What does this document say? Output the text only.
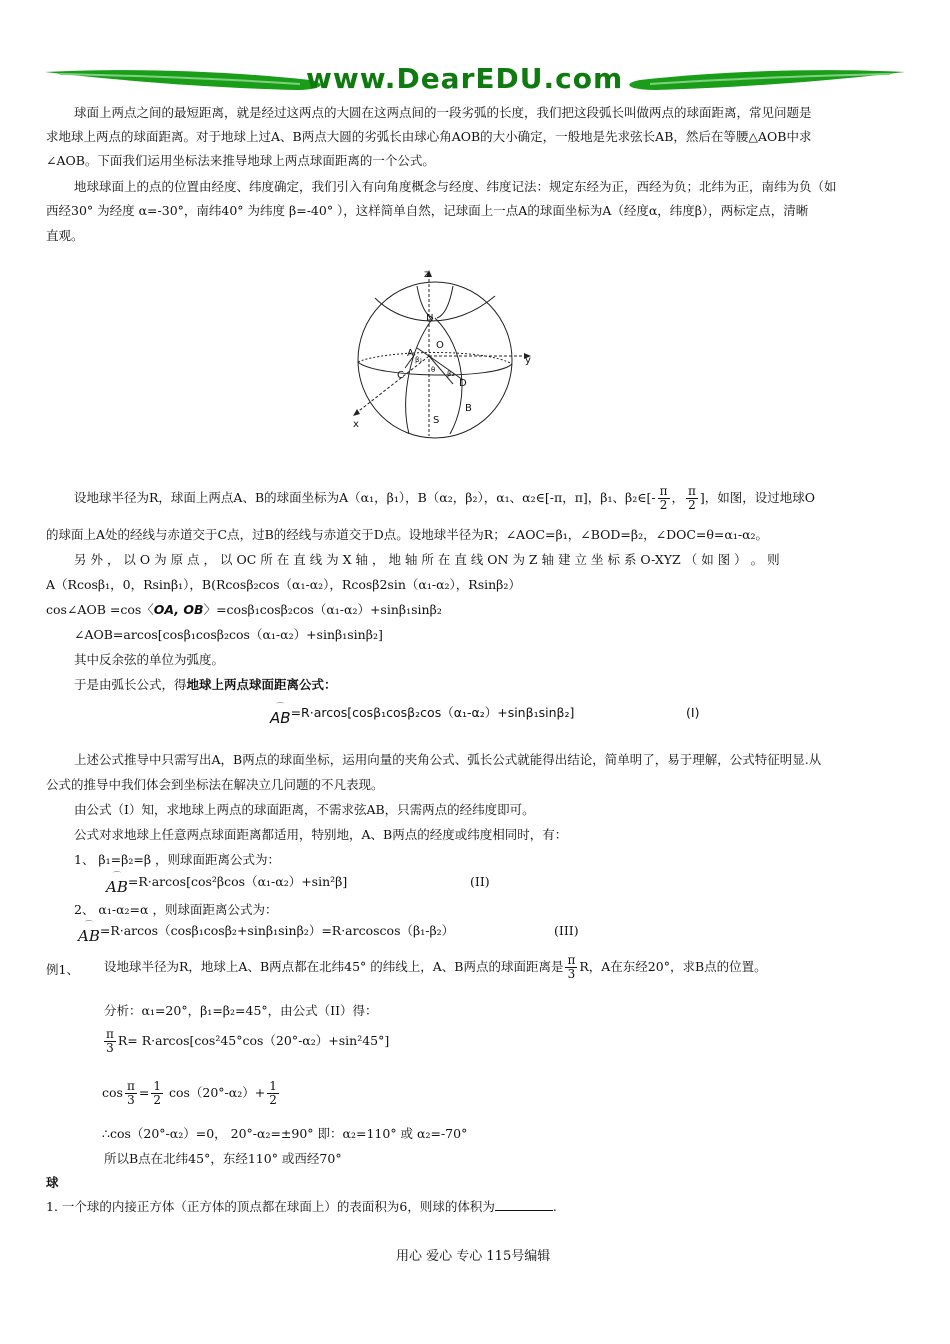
www.DearEDU.com
球面上两点之间的最短距离，就是经过这两点的大圆在这两点间的一段劣弧的长度，我们把这段弧长叫做两点的球面距离，常见问题是
求地球上两点的球面距离。对于地球上过A、B两点大圆的劣弧长由球心角AOB的大小确定，一般地是先求弦长AB，然后在等腰△AOB中求
∠AOB。下面我们运用坐标法来推导地球上两点球面距离的一个公式。
地球球面上的点的位置由经度、纬度确定，我们引入有向角度概念与经度、纬度记法：规定东经为正，西经为负；北纬为正，南纬为负（如
西经30° 为经度 α=-30°，南纬40° 为纬度 β=-40° ），这样简单自然，记球面上一点A的球面坐标为A（经度α，纬度β），两标定点，清晰
直观。
z
N
O
A
C
D
B
S
x
y
β₁
θ β₂
设地球半径为R，球面上两点A、B的球面坐标为A（α₁，β₁），B（α₂，β₂），α₁、α₂∈[-π，π]，β₁、β₂∈[- $\frac{\pi}{2}$ ， $\frac{\pi}{2}$ ]，如图，设过地球O
的球面上A处的经线与赤道交于C点，过B的经线与赤道交于D点。设地球半径为R；∠AOC=β₁，∠BOD=β₂，∠DOC=θ=α₁-α₂。
另 外 ， 以 O 为 原 点 ， 以 OC 所 在 直 线 为 X 轴 ， 地 轴 所 在 直 线 ON 为 Z 轴 建 立 坐 标 系 O-XYZ （ 如 图 ） 。 则
A（Rcosβ₁，0，Rsinβ₁），B(Rcosβ₂cos（α₁-α₂），Rcosβ2sin（α₁-α₂），Rsinβ₂）
cos∠AOB =cos〈OA, OB〉=cosβ₁cosβ₂cos（α₁-α₂）+sinβ₁sinβ₂
∠AOB=arcos[cosβ₁cosβ₂cos（α₁-α₂）+sinβ₁sinβ₂]
其中反余弦的单位为弧度。
于是由弧长公式，得地球上两点球面距离公式：
⌒
AB=R·arcos[cosβ₁cosβ₂cos（α₁-α₂）+sinβ₁sinβ₂]	(I)
上述公式推导中只需写出A，B两点的球面坐标，运用向量的夹角公式、弧长公式就能得出结论，简单明了，易于理解，公式特征明显.从
公式的推导中我们体会到坐标法在解决立几问题的不凡表现。
由公式（I）知，求地球上两点的球面距离，不需求弦AB，只需两点的经纬度即可。
公式对求地球上任意两点球面距离都适用，特别地，A、B两点的经度或纬度相同时，有：
1、 β₁=β₂=β ，则球面距离公式为：
⌒
AB=R·arcos[cos²βcos（α₁-α₂）+sin²β]	(II)
2、 α₁-α₂=α ，则球面距离公式为：
⌒
AB=R·arcos（cosβ₁cosβ₂+sinβ₁sinβ₂）=R·arcoscos（β₁-β₂）	(III)
例1、 设地球半径为R，地球上A、B两点都在北纬45° 的纬线上，A、B两点的球面距离是 $\frac{\pi}{3}$ R，A在东经20°，求B点的位置。
分析：α₁=20°，β₁=β₂=45°，由公式（II）得：
$\frac{\pi}{3} R= R\cdot arcos[\cos^245^\circ\cos(20^\circ-\alpha_2)+\sin^245^\circ]$
$\cos \frac{\pi}{3} = \frac{1}{2} \cos(20^\circ-\alpha_2)+ \frac{1}{2}$
∴cos（20°-α₂）=0， 20°-α₂=±90° 即：α₂=110° 或 α₂=-70°
所以B点在北纬45°，东经110° 或西经70°
球
1. 一个球的内接正方体（正方体的顶点都在球面上）的表面积为6，则球的体积为	.
用心 爱心 专心 115号编辑
